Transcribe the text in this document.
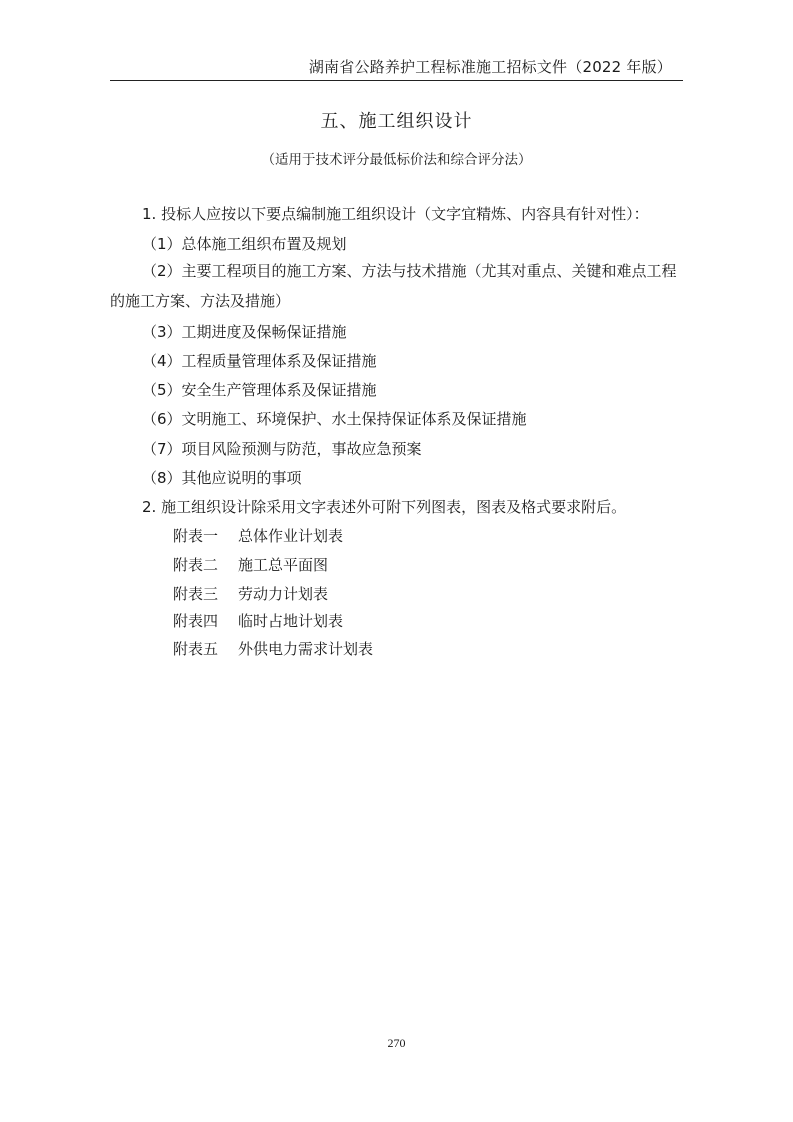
湖南省公路养护工程标准施工招标文件（2022 年版）
五、施工组织设计
（适用于技术评分最低标价法和综合评分法）
1. 投标人应按以下要点编制施工组织设计（文字宜精炼、内容具有针对性）：
（1）总体施工组织布置及规划
（2）主要工程项目的施工方案、方法与技术措施（尤其对重点、关键和难点工程的施工方案、方法及措施）
（3）工期进度及保畅保证措施
（4）工程质量管理体系及保证措施
（5）安全生产管理体系及保证措施
（6）文明施工、环境保护、水土保持保证体系及保证措施
（7）项目风险预测与防范，事故应急预案
（8）其他应说明的事项
2. 施工组织设计除采用文字表述外可附下列图表，图表及格式要求附后。
附表一 总体作业计划表
附表二 施工总平面图
附表三 劳动力计划表
附表四 临时占地计划表
附表五 外供电力需求计划表
270
